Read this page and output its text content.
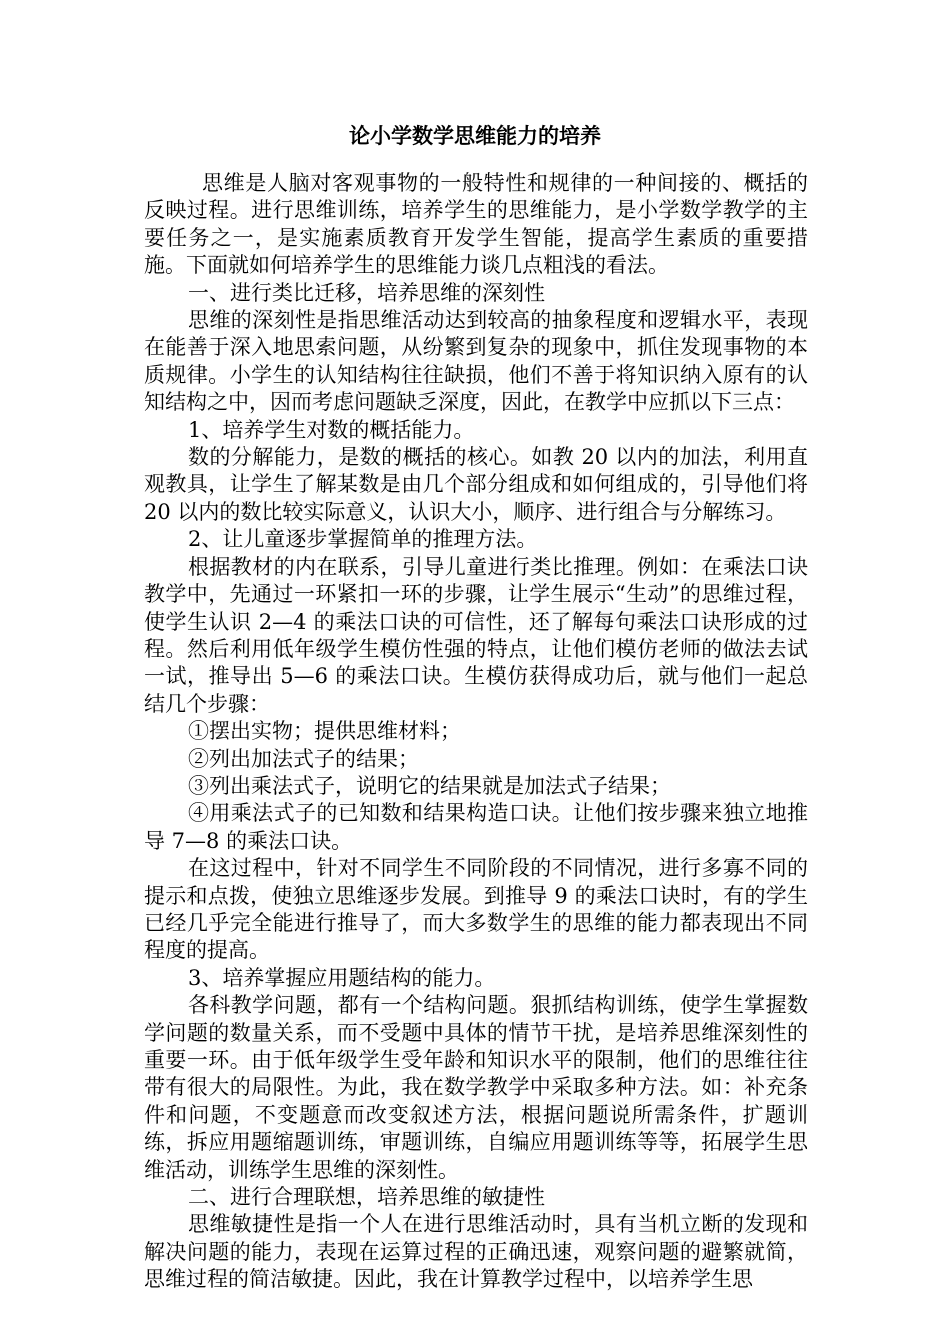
论小学数学思维能力的培养

思维是人脑对客观事物的一般特性和规律的一种间接的、概括的反映过程。进行思维训练，培养学生的思维能力，是小学数学教学的主要任务之一，是实施素质教育开发学生智能，提高学生素质的重要措施。下面就如何培养学生的思维能力谈几点粗浅的看法。

一、进行类比迁移，培养思维的深刻性

思维的深刻性是指思维活动达到较高的抽象程度和逻辑水平，表现在能善于深入地思索问题，从纷繁到复杂的现象中，抓住发现事物的本质规律。小学生的认知结构往往缺损，他们不善于将知识纳入原有的认知结构之中，因而考虑问题缺乏深度，因此，在教学中应抓以下三点：

1、培养学生对数的概括能力。

数的分解能力，是数的概括的核心。如教 20 以内的加法，利用直观教具，让学生了解某数是由几个部分组成和如何组成的，引导他们将 20 以内的数比较实际意义，认识大小，顺序、进行组合与分解练习。

2、让儿童逐步掌握简单的推理方法。

根据教材的内在联系，引导儿童进行类比推理。例如：在乘法口诀教学中，先通过一环紧扣一环的步骤，让学生展示“生动”的思维过程，使学生认识 2—4 的乘法口诀的可信性，还了解每句乘法口诀形成的过程。然后利用低年级学生模仿性强的特点，让他们模仿老师的做法去试一试，推导出 5—6 的乘法口诀。生模仿获得成功后，就与他们一起总结几个步骤：

①摆出实物；提供思维材料；

②列出加法式子的结果；

③列出乘法式子，说明它的结果就是加法式子结果；

④用乘法式子的已知数和结果构造口诀。让他们按步骤来独立地推导 7—8 的乘法口诀。

在这过程中，针对不同学生不同阶段的不同情况，进行多寡不同的提示和点拨，使独立思维逐步发展。到推导 9 的乘法口诀时，有的学生已经几乎完全能进行推导了，而大多数学生的思维的能力都表现出不同程度的提高。

3、培养掌握应用题结构的能力。

各科教学问题，都有一个结构问题。狠抓结构训练，使学生掌握数学问题的数量关系，而不受题中具体的情节干扰，是培养思维深刻性的重要一环。由于低年级学生受年龄和知识水平的限制，他们的思维往往带有很大的局限性。为此，我在数学教学中采取多种方法。如：补充条件和问题，不变题意而改变叙述方法，根据问题说所需条件，扩题训练，拆应用题缩题训练，审题训练，自编应用题训练等等，拓展学生思维活动，训练学生思维的深刻性。

二、进行合理联想，培养思维的敏捷性

思维敏捷性是指一个人在进行思维活动时，具有当机立断的发现和解决问题的能力，表现在运算过程的正确迅速，观察问题的避繁就简，思维过程的简洁敏捷。因此，我在计算教学过程中，以培养学生思
